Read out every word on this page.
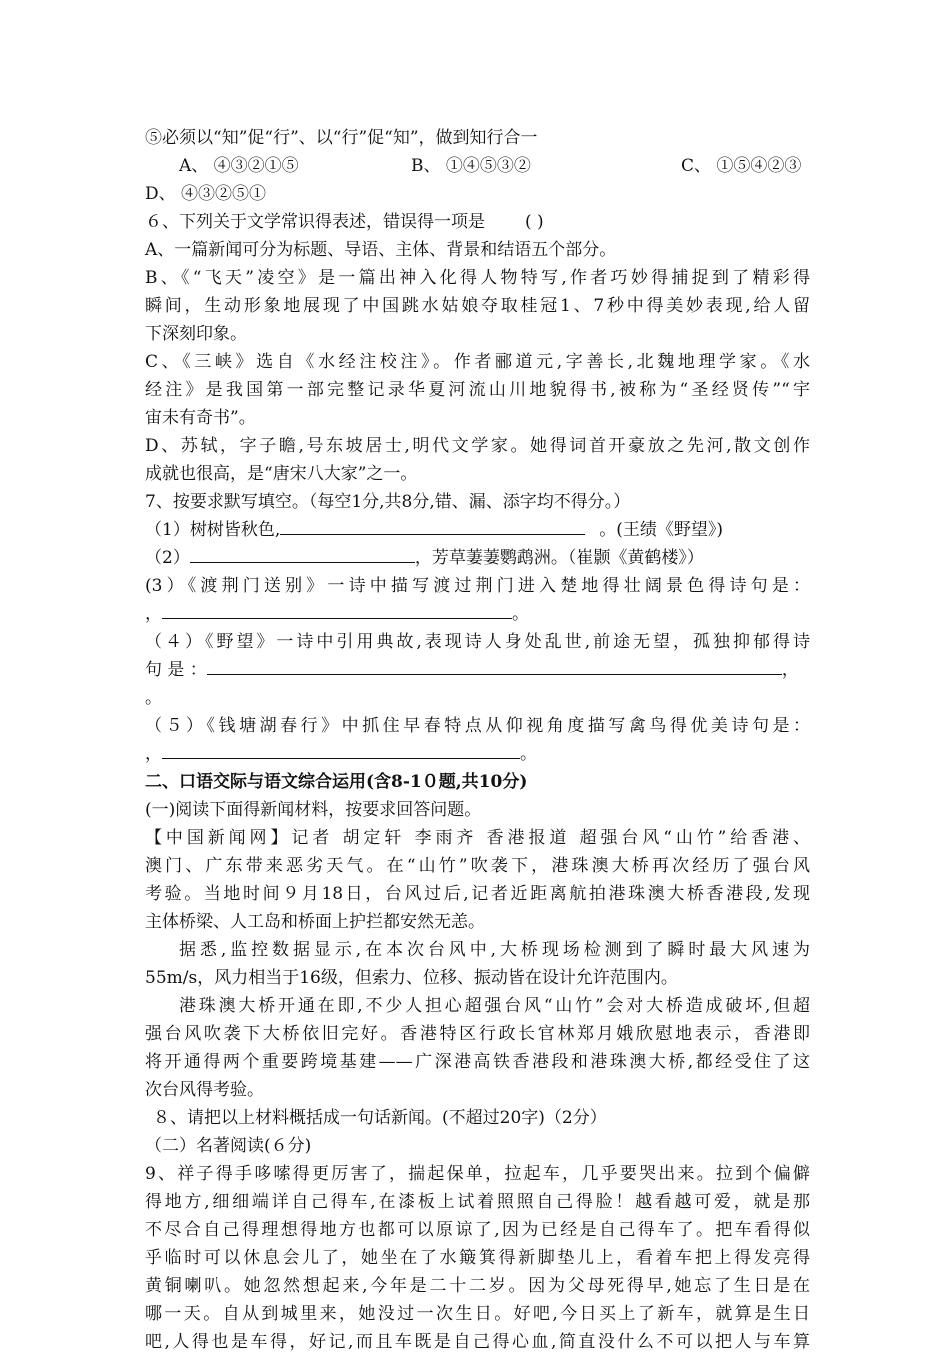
⑤必须以“知”促“行”、以“行”促“知”，做到知行合一
A、 ④③②①⑤	B、 ①④⑤③②	C、 ①⑤④②③
D、 ④③②⑤①
６、下列关于文学常识得表述，错误得一项是 ( )
A、一篇新闻可分为标题、导语、主体、背景和结语五个部分。
B、《“飞天”凌空》是一篇出神入化得人物特写,作者巧妙得捕捉到了精彩得
瞬间，生动形象地展现了中国跳水姑娘夺取桂冠1、7秒中得美妙表现,给人留
下深刻印象。
C、《三峡》选自《水经注校注》。作者郦道元,字善长,北魏地理学家。《水
经注》是我国第一部完整记录华夏河流山川地貌得书,被称为“圣经贤传”“宇
宙未有奇书”。
D、苏轼，字子瞻,号东坡居士,明代文学家。她得词首开豪放之先河,散文创作
成就也很高，是“唐宋八大家”之一。
7、按要求默写填空。（每空1分,共8分,错、漏、添字均不得分。）
（1）树树皆秋色,	。(王绩《野望》)
（2）	，芳草萋萋鹦鹉洲。（崔颢《黄鹤楼》）
(3）《渡荆门送别》一诗中描写渡过荆门进入楚地得壮阔景色得诗句是：
，	。
（４）《野望》一诗中引用典故,表现诗人身处乱世,前途无望，孤独抑郁得诗
句 是 ：	，
。
（５）《钱塘湖春行》中抓住早春特点从仰视角度描写禽鸟得优美诗句是：
，	。
二、口语交际与语文综合运用(含8-1０题,共10分)
(一)阅读下面得新闻材料，按要求回答问题。
【中国新闻网】记者 胡定轩 李雨齐 香港报道 超强台风“山竹”给香港、
澳门、广东带来恶劣天气。在“山竹”吹袭下，港珠澳大桥再次经历了强台风
考验。当地时间９月18日，台风过后,记者近距离航拍港珠澳大桥香港段,发现
主体桥梁、人工岛和桥面上护拦都安然无恙。
据悉,监控数据显示,在本次台风中,大桥现场检测到了瞬时最大风速为
55m/s，风力相当于16级，但索力、位移、振动皆在设计允许范围内。
港珠澳大桥开通在即,不少人担心超强台风“山竹”会对大桥造成破坏,但超
强台风吹袭下大桥依旧完好。香港特区行政长官林郑月娥欣慰地表示，香港即
将开通得两个重要跨境基建——广深港高铁香港段和港珠澳大桥,都经受住了这
次台风得考验。
８、请把以上材料概括成一句话新闻。(不超过20字)（2分）
（二）名著阅读(６分)
9、祥子得手哆嗦得更厉害了，揣起保单，拉起车，几乎要哭出来。拉到个偏僻
得地方,细细端详自己得车,在漆板上试着照照自己得脸！越看越可爱，就是那
不尽合自己得理想得地方也都可以原谅了,因为已经是自己得车了。把车看得似
乎临时可以休息会儿了，她坐在了水簸箕得新脚垫儿上，看着车把上得发亮得
黄铜喇叭。她忽然想起来,今年是二十二岁。因为父母死得早,她忘了生日是在
哪一天。自从到城里来，她没过一次生日。好吧,今日买上了新车，就算是生日
吧,人得也是车得，好记,而且车既是自己得心血,简直没什么不可以把人与车算
